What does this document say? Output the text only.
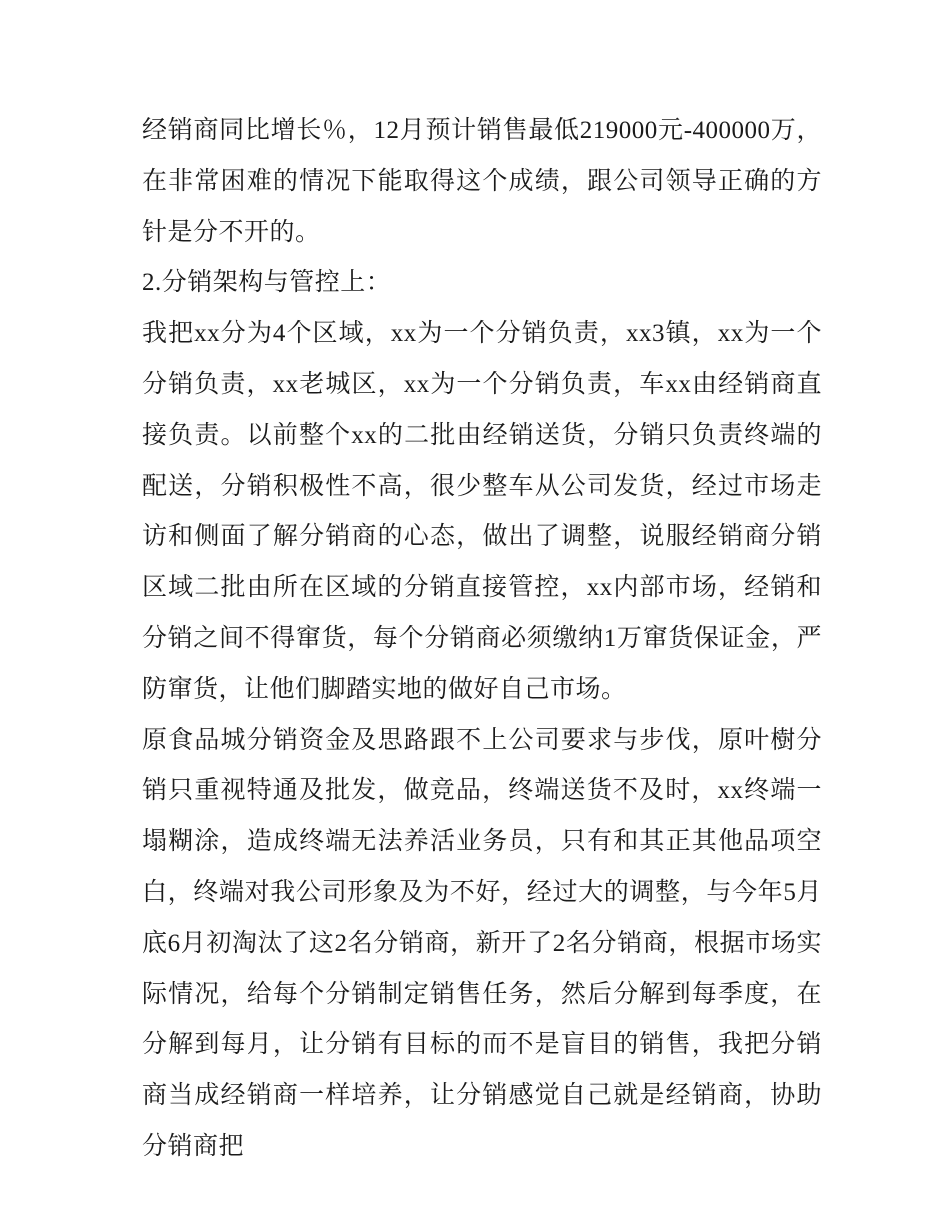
经销商同比增长％，12月预计销售最低219000元-400000万，在非常困难的情况下能取得这个成绩，跟公司领导正确的方针是分不开的。

2.分销架构与管控上：

我把xx分为4个区域，xx为一个分销负责，xx3镇，xx为一个分销负责，xx老城区，xx为一个分销负责，车xx由经销商直接负责。以前整个xx的二批由经销送货，分销只负责终端的配送，分销积极性不高，很少整车从公司发货，经过市场走访和侧面了解分销商的心态，做出了调整，说服经销商分销区域二批由所在区域的分销直接管控，xx内部市场，经销和分销之间不得窜货，每个分销商必须缴纳1万窜货保证金，严防窜货，让他们脚踏实地的做好自己市场。

原食品城分销资金及思路跟不上公司要求与步伐，原叶樹分销只重视特通及批发，做竞品，终端送货不及时，xx终端一塌糊涂，造成终端无法养活业务员，只有和其正其他品项空白，终端对我公司形象及为不好，经过大的调整，与今年5月底6月初淘汰了这2名分销商，新开了2名分销商，根据市场实际情况，给每个分销制定销售任务，然后分解到每季度，在分解到每月，让分销有目标的而不是盲目的销售，我把分销商当成经销商一样培养，让分销感觉自己就是经销商，协助分销商把
